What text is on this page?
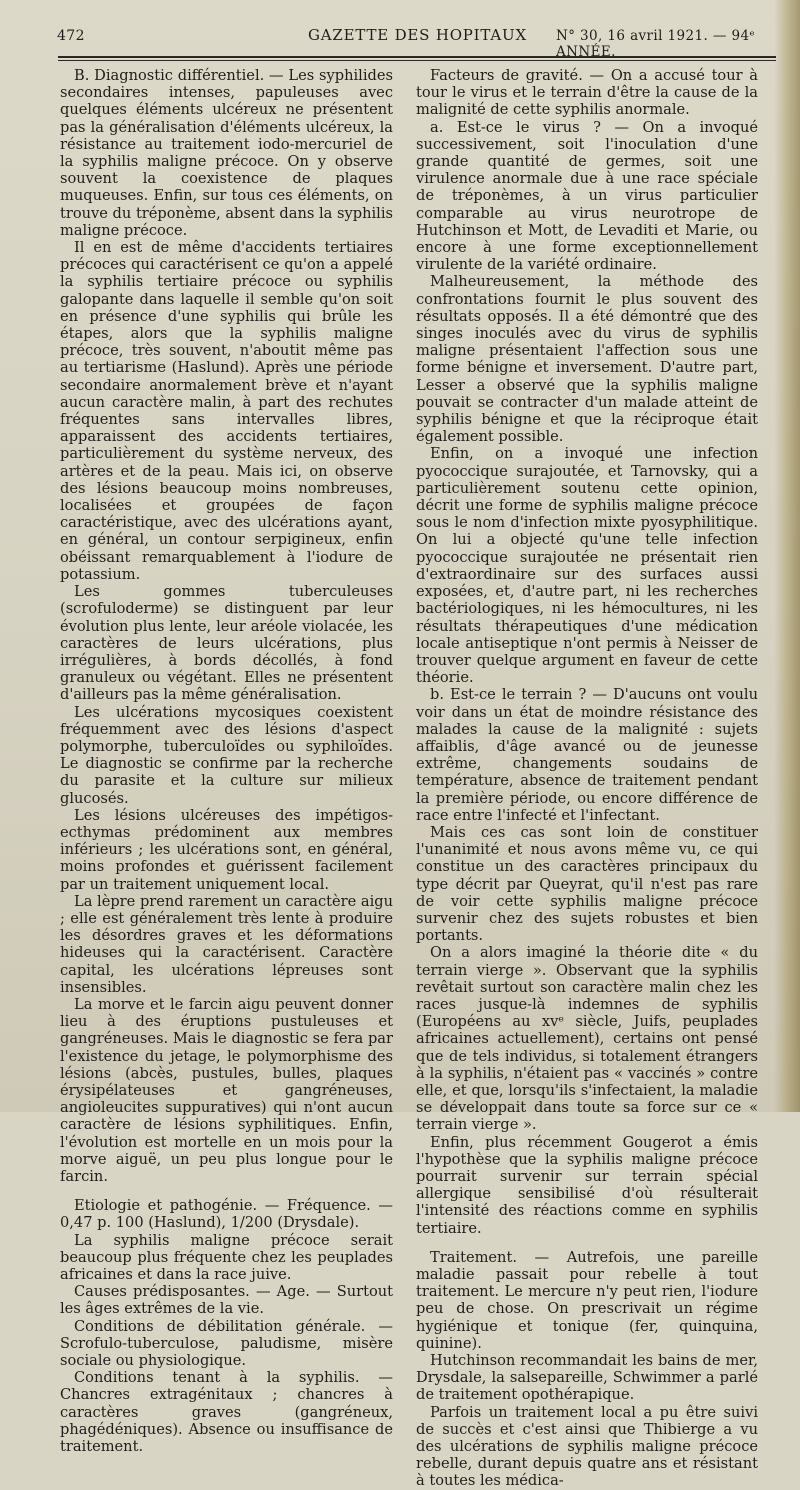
472	GAZETTE DES HOPITAUX N° 30, 16 avril 1921. — 94ᵉ ANNÉE.

B. Diagnostic différentiel. — Les syphilides secondaires intenses, papuleuses avec quelques éléments ulcéreux ne présentent pas la généralisation d'éléments ulcéreux, la résistance au traitement iodo-mercuriel de la syphilis maligne précoce. On y observe souvent la coexistence de plaques muqueuses. Enfin, sur tous ces éléments, on trouve du tréponème, absent dans la syphilis maligne précoce.

Il en est de même d'accidents tertiaires précoces qui caractérisent ce qu'on a appelé la syphilis tertiaire précoce ou syphilis galopante dans laquelle il semble qu'on soit en présence d'une syphilis qui brûle les étapes, alors que la syphilis maligne précoce, très souvent, n'aboutit même pas au tertiarisme (Haslund). Après une période secondaire anormalement brève et n'ayant aucun caractère malin, à part des rechutes fréquentes sans intervalles libres, apparaissent des accidents tertiaires, particulièrement du système nerveux, des artères et de la peau. Mais ici, on observe des lésions beaucoup moins nombreuses, localisées et groupées de façon caractéristique, avec des ulcérations ayant, en général, un contour serpigineux, enfin obéissant remarquablement à l'iodure de potassium.

Les gommes tuberculeuses (scrofuloderme) se distinguent par leur évolution plus lente, leur aréole violacée, les caractères de leurs ulcérations, plus irrégulières, à bords décollés, à fond granuleux ou végétant. Elles ne présentent d'ailleurs pas la même généralisation.

Les ulcérations mycosiques coexistent fréquemment avec des lésions d'aspect polymorphe, tuberculoïdes ou syphiloïdes. Le diagnostic se confirme par la recherche du parasite et la culture sur milieux glucosés.

Les lésions ulcéreuses des impétigos-ecthymas prédominent aux membres inférieurs ; les ulcérations sont, en général, moins profondes et guérissent facilement par un traitement uniquement local.

La lèpre prend rarement un caractère aigu ; elle est généralement très lente à produire les désordres graves et les déformations hideuses qui la caractérisent. Caractère capital, les ulcérations lépreuses sont insensibles.

La morve et le farcin aigu peuvent donner lieu à des éruptions pustuleuses et gangréneuses. Mais le diagnostic se fera par l'existence du jetage, le polymorphisme des lésions (abcès, pustules, bulles, plaques érysipélateuses et gangréneuses, angioleucites suppuratives) qui n'ont aucun caractère de lésions syphilitiques. Enfin, l'évolution est mortelle en un mois pour la morve aiguë, un peu plus longue pour le farcin.

Etiologie et pathogénie. — Fréquence. — 0,47 p. 100 (Haslund), 1/200 (Drysdale).

La syphilis maligne précoce serait beaucoup plus fréquente chez les peuplades africaines et dans la race juive.

Causes prédisposantes. — Age. — Surtout les âges extrêmes de la vie.

Conditions de débilitation générale. — Scrofulo-tuberculose, paludisme, misère sociale ou physiologique.

Conditions tenant à la syphilis. — Chancres extragénitaux ; chancres à caractères graves (gangréneux, phagédéniques). Absence ou insuffisance de traitement.

Facteurs de gravité. — On a accusé tour à tour le virus et le terrain d'être la cause de la malignité de cette syphilis anormale.

a. Est-ce le virus ? — On a invoqué successivement, soit l'inoculation d'une grande quantité de germes, soit une virulence anormale due à une race spéciale de tréponèmes, à un virus particulier comparable au virus neurotrope de Hutchinson et Mott, de Levaditi et Marie, ou encore à une forme exceptionnellement virulente de la variété ordinaire.

Malheureusement, la méthode des confrontations fournit le plus souvent des résultats opposés. Il a été démontré que des singes inoculés avec du virus de syphilis maligne présentaient l'affection sous une forme bénigne et inversement. D'autre part, Lesser a observé que la syphilis maligne pouvait se contracter d'un malade atteint de syphilis bénigne et que la réciproque était également possible.

Enfin, on a invoqué une infection pyococcique surajoutée, et Tarnovsky, qui a particulièrement soutenu cette opinion, décrit une forme de syphilis maligne précoce sous le nom d'infection mixte pyosyphilitique. On lui a objecté qu'une telle infection pyococcique surajoutée ne présentait rien d'extraordinaire sur des surfaces aussi exposées, et, d'autre part, ni les recherches bactériologiques, ni les hémocultures, ni les résultats thérapeutiques d'une médication locale antiseptique n'ont permis à Neisser de trouver quelque argument en faveur de cette théorie.

b. Est-ce le terrain ? — D'aucuns ont voulu voir dans un état de moindre résistance des malades la cause de la malignité : sujets affaiblis, d'âge avancé ou de jeunesse extrême, changements soudains de température, absence de traitement pendant la première période, ou encore différence de race entre l'infecté et l'infectant.

Mais ces cas sont loin de constituer l'unanimité et nous avons même vu, ce qui constitue un des caractères principaux du type décrit par Queyrat, qu'il n'est pas rare de voir cette syphilis maligne précoce survenir chez des sujets robustes et bien portants.

On a alors imaginé la théorie dite « du terrain vierge ». Observant que la syphilis revêtait surtout son caractère malin chez les races jusque-là indemnes de syphilis (Européens au xvᵉ siècle, Juifs, peuplades africaines actuellement), certains ont pensé que de tels individus, si totalement étrangers à la syphilis, n'étaient pas « vaccinés » contre elle, et que, lorsqu'ils s'infectaient, la maladie se développait dans toute sa force sur ce « terrain vierge ».

Enfin, plus récemment Gougerot a émis l'hypothèse que la syphilis maligne précoce pourrait survenir sur terrain spécial allergique sensibilisé d'où résulterait l'intensité des réactions comme en syphilis tertiaire.

Traitement. — Autrefois, une pareille maladie passait pour rebelle à tout traitement. Le mercure n'y peut rien, l'iodure peu de chose. On prescrivait un régime hygiénique et tonique (fer, quinquina, quinine).

Hutchinson recommandait les bains de mer, Drysdale, la salsepareille, Schwimmer a parlé de traitement opothérapique.

Parfois un traitement local a pu être suivi de succès et c'est ainsi que Thibierge a vu des ulcérations de syphilis maligne précoce rebelle, durant depuis quatre ans et résistant à toutes les médica-
